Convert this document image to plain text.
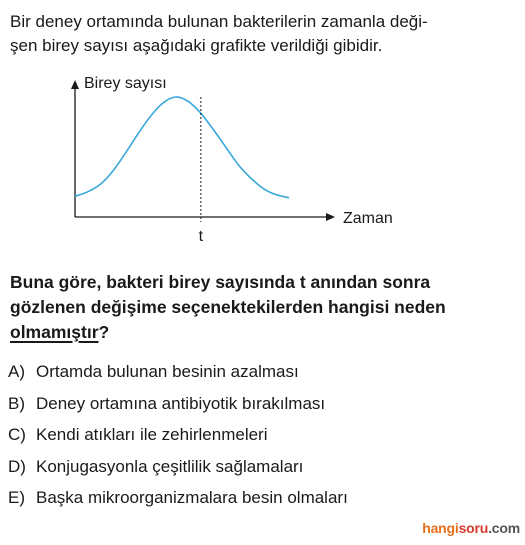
Bir deney ortamında bulunan bakterilerin zamanla deği-
şen birey sayısı aşağıdaki grafikte verildiği gibidir.
Birey sayısı
Zaman
t
Buna göre, bakteri birey sayısında t anından sonra
gözlenen değişime seçenektekilerden hangisi neden
olmamıştır?
A) Ortamda bulunan besinin azalması
B) Deney ortamına antibiyotik bırakılması
C) Kendi atıkları ile zehirlenmeleri
D) Konjugasyonla çeşitlilik sağlamaları
E) Başka mikroorganizmalara besin olmaları
hangisoru.com
